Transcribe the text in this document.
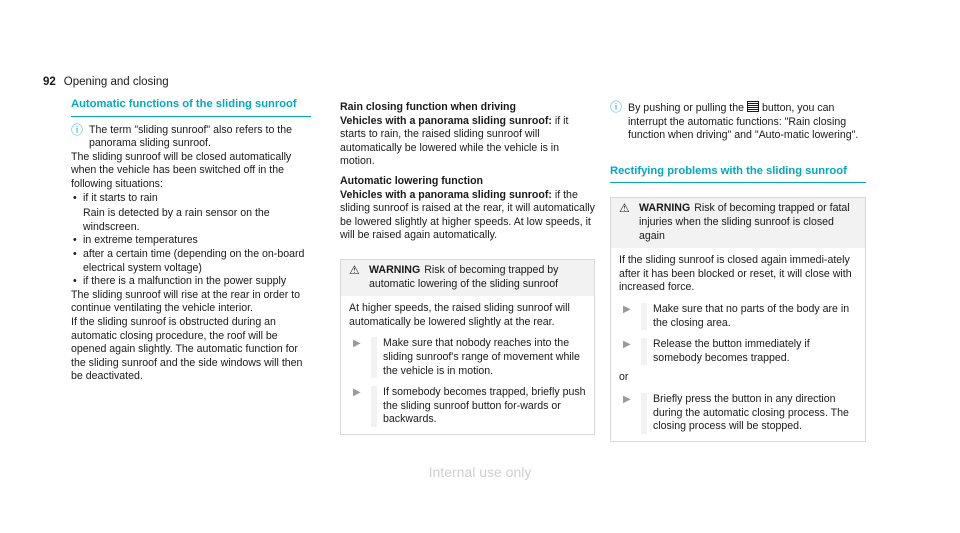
92 Opening and closing
Automatic functions of the sliding sunroof
ⓘ The term "sliding sunroof" also refers to the panorama sliding sunroof.

The sliding sunroof will be closed automatically when the vehicle has been switched off in the following situations:

• if it starts to rain
Rain is detected by a rain sensor on the windscreen.
• in extreme temperatures
• after a certain time (depending on the on-board electrical system voltage)
• if there is a malfunction in the power supply

The sliding sunroof will rise at the rear in order to continue ventilating the vehicle interior.

If the sliding sunroof is obstructed during an automatic closing procedure, the roof will be opened again slightly. The automatic function for the sliding sunroof and the side windows will then be deactivated.

Rain closing function when driving

Vehicles with a panorama sliding sunroof: if it starts to rain, the raised sliding sunroof will automatically be lowered while the vehicle is in motion.

Automatic lowering function

Vehicles with a panorama sliding sunroof: if the sliding sunroof is raised at the rear, it will automatically be lowered slightly at higher speeds. At low speeds, it will be raised again automatically.

⚠ WARNING Risk of becoming trapped by automatic lowering of the sliding sunroof

At higher speeds, the raised sliding sunroof will automatically be lowered slightly at the rear.

▶	Make sure that nobody reaches into the sliding sunroof's range of movement while the vehicle is in motion.
▶	If somebody becomes trapped, briefly push the sliding sunroof button for-wards or backwards.
ⓘ By pushing or pulling the button, you can interrupt the automatic functions: "Rain closing function when driving" and "Auto-matic lowering".

Rectifying problems with the sliding sunroof
⚠ WARNING Risk of becoming trapped or fatal injuries when the sliding sunroof is closed again

If the sliding sunroof is closed again immedi-ately after it has been blocked or reset, it will close with increased force.

▶	Make sure that no parts of the body are in the closing area.
▶	Release the button immediately if somebody becomes trapped.

or

▶	Briefly press the button in any direction during the automatic closing process. The closing process will be stopped.
Internal use only
